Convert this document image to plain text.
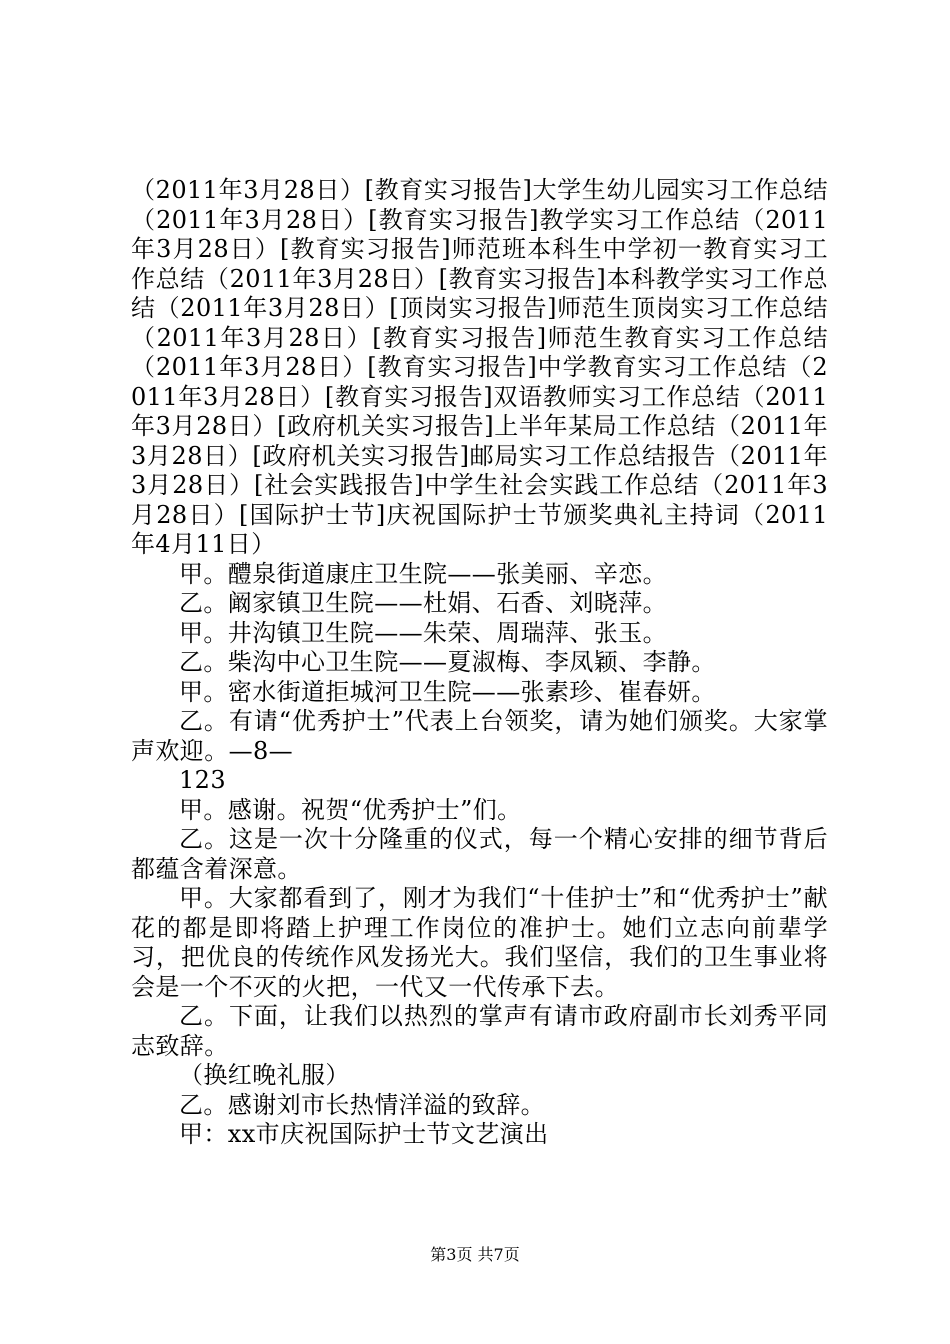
（2011年3月28日）[教育实习报告]大学生幼儿园实习工作总结（2011年3月28日）[教育实习报告]教学实习工作总结（2011年3月28日）[教育实习报告]师范班本科生中学初一教育实习工作总结（2011年3月28日）[教育实习报告]本科教学实习工作总结（2011年3月28日）[顶岗实习报告]师范生顶岗实习工作总结（2011年3月28日）[教育实习报告]师范生教育实习工作总结（2011年3月28日）[教育实习报告]中学教育实习工作总结（2011年3月28日）[教育实习报告]双语教师实习工作总结（2011年3月28日）[政府机关实习报告]上半年某局工作总结（2011年3月28日）[政府机关实习报告]邮局实习工作总结报告（2011年3月28日）[社会实践报告]中学生社会实践工作总结（2011年3月28日）[国际护士节]庆祝国际护士节颁奖典礼主持词（2011年4月11日）

甲。醴泉街道康庄卫生院——张美丽、辛恋。

乙。阚家镇卫生院——杜娟、石香、刘晓萍。

甲。井沟镇卫生院——朱荣、周瑞萍、张玉。

乙。柴沟中心卫生院——夏淑梅、李凤颖、李静。

甲。密水街道拒城河卫生院——张素珍、崔春妍。

乙。有请“优秀护士”代表上台领奖，请为她们颁奖。大家掌声欢迎。—8—

123

甲。感谢。祝贺“优秀护士”们。

乙。这是一次十分隆重的仪式，每一个精心安排的细节背后都蕴含着深意。

甲。大家都看到了，刚才为我们“十佳护士”和“优秀护士”献花的都是即将踏上护理工作岗位的准护士。她们立志向前辈学习，把优良的传统作风发扬光大。我们坚信，我们的卫生事业将会是一个不灭的火把，一代又一代传承下去。

乙。下面，让我们以热烈的掌声有请市政府副市长刘秀平同志致辞。

（换红晚礼服）

乙。感谢刘市长热情洋溢的致辞。

甲：xx市庆祝国际护士节文艺演出

第3页 共7页
